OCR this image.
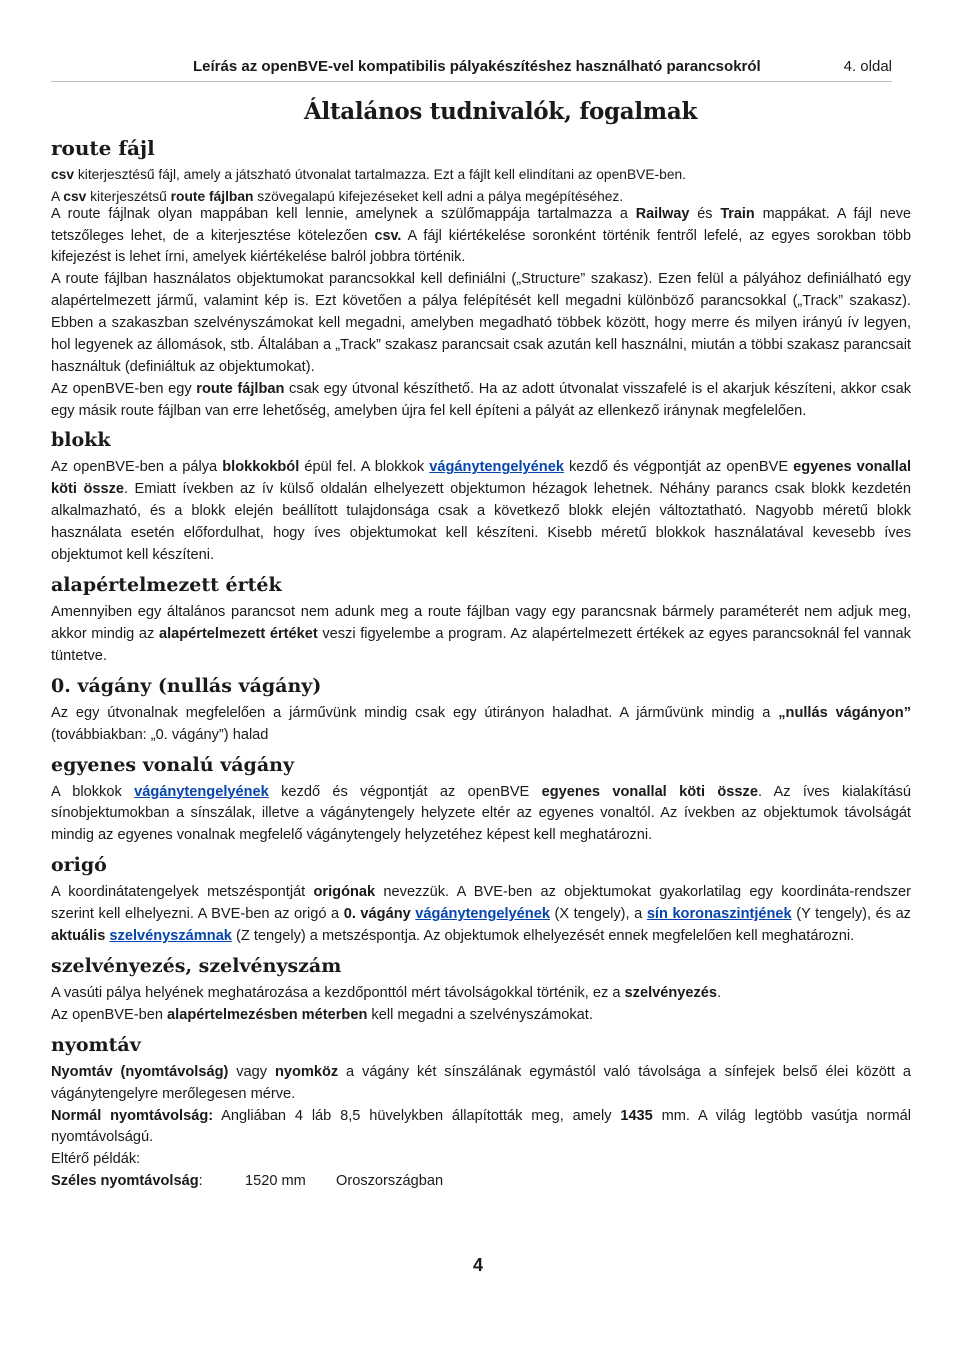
Leírás az openBVE-vel kompatibilis pályakészítéshez használható parancsokról	4. oldal
Általános tudnivalók, fogalmak
route fájl
csv kiterjesztésű fájl, amely a játszható útvonalat tartalmazza. Ezt a fájlt kell elindítani az openBVE-ben.
A csv kiterjeszétsű route fájlban szövegalapú kifejezéseket kell adni a pálya megépítéséhez.

A route fájlnak olyan mappában kell lennie, amelynek a szülőmappája tartalmazza a Railway és Train mappákat. A fájl neve tetszőleges lehet, de a kiterjesztése kötelezően csv. A fájl kiértékelése soronként történik fentről lefelé, az egyes sorokban több kifejezést is lehet írni, amelyek kiértékelése balról jobbra történik.

A route fájlban használatos objektumokat parancsokkal kell definiálni („Structure” szakasz). Ezen felül a pályához definiálható egy alapértelmezett jármű, valamint kép is. Ezt követően a pálya felépítését kell megadni különböző parancsokkal („Track” szakasz). Ebben a szakaszban szelvényszámokat kell megadni, amelyben megadható többek között, hogy merre és milyen irányú ív legyen, hol legyenek az állomások, stb. Általában a „Track” szakasz parancsait csak azután kell használni, miután a többi szakasz parancsait használtuk (definiáltuk az objektumokat).

Az openBVE-ben egy route fájlban csak egy útvonal készíthető. Ha az adott útvonalat visszafelé is el akarjuk készíteni, akkor csak egy másik route fájlban van erre lehetőség, amelyben újra fel kell építeni a pályát az ellenkező iránynak megfelelően.

blokk

Az openBVE-ben a pálya blokkokból épül fel. A blokkok vágánytengelyének kezdő és végpontját az openBVE egyenes vonallal köti össze. Emiatt ívekben az ív külső oldalán elhelyezett objektumon hézagok lehetnek. Néhány parancs csak blokk kezdetén alkalmazható, és a blokk elején beállított tulajdonsága csak a következő blokk elején változtatható. Nagyobb méretű blokk használata esetén előfordulhat, hogy íves objektumokat kell készíteni. Kisebb méretű blokkok használatával kevesebb íves objektumot kell készíteni.

alapértelmezett érték

Amennyiben egy általános parancsot nem adunk meg a route fájlban vagy egy parancsnak bármely paraméterét nem adjuk meg, akkor mindig az alapértelmezett értéket veszi figyelembe a program. Az alapértelmezett értékek az egyes parancsoknál fel vannak tüntetve.

0. vágány (nullás vágány)

Az egy útvonalnak megfelelően a járművünk mindig csak egy útirányon haladhat. A járművünk mindig a „nullás vágányon” (továbbiakban: „0. vágány”) halad

egyenes vonalú vágány

A blokkok vágánytengelyének kezdő és végpontját az openBVE egyenes vonallal köti össze. Az íves kialakítású sínobjektumokban a sínszálak, illetve a vágánytengely helyzete eltér az egyenes vonaltól. Az ívekben az objektumok távolságát mindig az egyenes vonalnak megfelelő vágánytengely helyzetéhez képest kell meghatározni.

origó

A koordinátatengelyek metszéspontját origónak nevezzük. A BVE-ben az objektumokat gyakorlatilag egy koordináta-rendszer szerint kell elhelyezni. A BVE-ben az origó a 0. vágány vágánytengelyének (X tengely), a sín koronaszintjének (Y tengely), és az aktuális szelvényszámnak (Z tengely) a metszéspontja. Az objektumok elhelyezését ennek megfelelően kell meghatározni.

szelvényezés, szelvényszám

A vasúti pálya helyének meghatározása a kezdőponttól mért távolságokkal történik, ez a szelvényezés.

Az openBVE-ben alapértelmezésben méterben kell megadni a szelvényszámokat.

nyomtáv

Nyomtáv (nyomtávolság) vagy nyomköz a vágány két sínszálának egymástól való távolsága a sínfejek belső élei között a vágánytengelyre merőlegesen mérve.

Normál nyomtávolság: Angliában 4 láb 8,5 hüvelykben állapították meg, amely 1435 mm. A világ legtöbb vasútja normál nyomtávolságú.

Eltérő példák:

Széles nyomtávolság:	1520 mm Oroszországban
4
